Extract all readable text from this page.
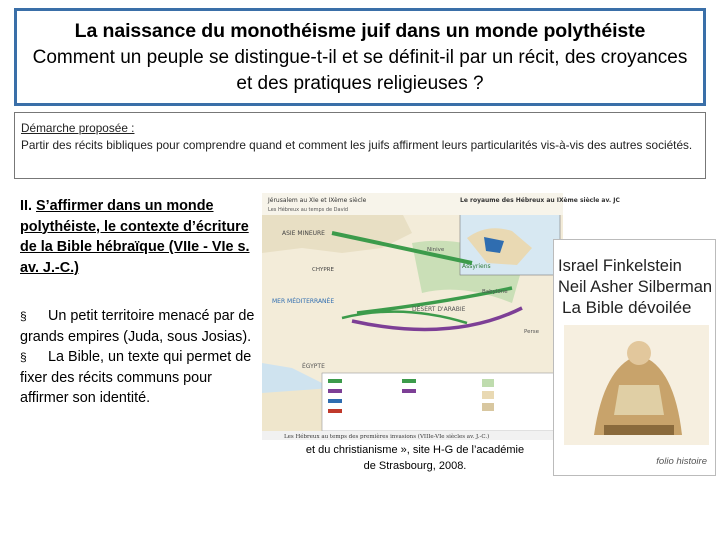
La naissance du monothéisme juif dans un monde polythéiste
Comment un peuple se distingue-t-il et se définit-il par un récit, des croyances et des pratiques religieuses ?
Démarche proposée :
Partir des récits bibliques pour comprendre quand et comment les juifs affirment leurs particularités vis-à-vis des autres sociétés.
II. S’affirmer dans un monde polythéiste, le contexte d’écriture de la Bible hébraïque (VIIe - VIe s. av. J.-C.)
§ Un petit territoire menacé par de grands empires (Juda, sous Josias).
§ La Bible, un texte qui permet de fixer des récits communs pour affirmer son identité.
Jérusalem au XIe et IXème siècle
Les Hébreux au temps de David
Le royaume des Hébreux au IXème siècle av. JC
ASIE MINEURE
CHYPRE
MER MÉDITERRANÉE
Assyriens
DÉSERT D'ARABIE
ÉGYPTE
Perse
Ninive
Babylone
Les Hébreux au temps des premières invasions (VIIIe-VIe siècles av. J.-C.)
et du christianisme », site H-G de l’académie
de Strasbourg, 2008.
Israel Finkelstein
Neil Asher Silberman
La Bible dévoilée
folio histoire
